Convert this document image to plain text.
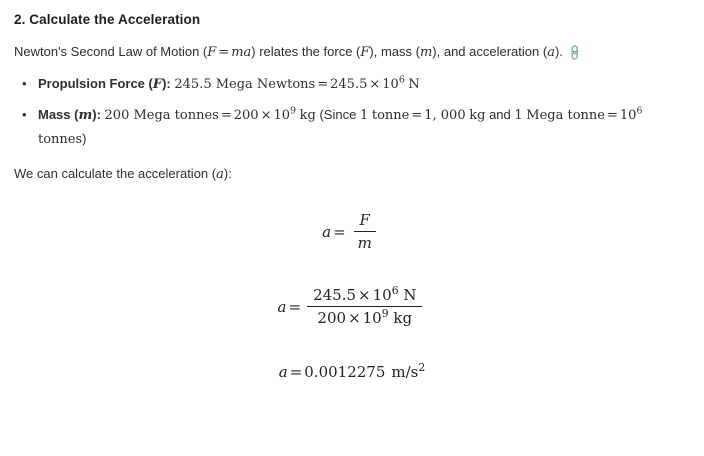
2. Calculate the Acceleration

Newton's Second Law of Motion (F = ma) relates the force (F), mass (m), and acceleration (a). 🔗

• Propulsion Force (F): 245.5 Mega Newtons = $245.5 \times 10^6$ N
• Mass (m): 200 Mega tonnes = $200 \times 10^9$ kg (Since 1 tonne = 1, 000 kg and 1 Mega tonne = $10^6$ tonnes)

We can calculate the acceleration (a):

$a = \frac{F}{m}$
$a = \frac{245.5 \times 10^6 N}{200 \times 10^9 kg}$
a = 0.0012275 $m/s^2$
